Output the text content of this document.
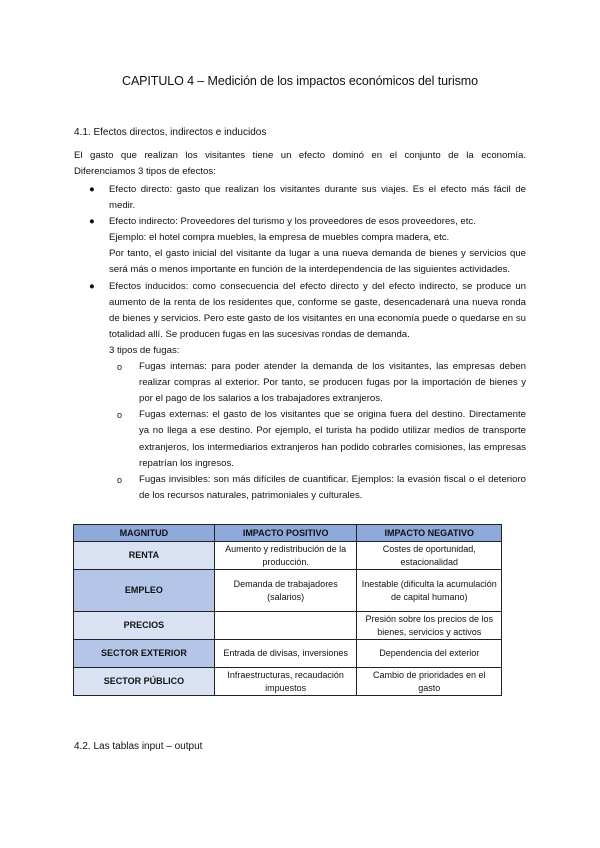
CAPITULO 4 – Medición de los impactos económicos del turismo
4.1. Efectos directos, indirectos e inducidos
El gasto que realizan los visitantes tiene un efecto dominó en el conjunto de la economía.
Diferenciamos 3 tipos de efectos:
● Efecto directo: gasto que realizan los visitantes durante sus viajes. Es el efecto más fácil de medir.
● Efecto indirecto: Proveedores del turismo y los proveedores de esos proveedores, etc.
Ejemplo: el hotel compra muebles, la empresa de muebles compra madera, etc.
Por tanto, el gasto inicial del visitante da lugar a una nueva demanda de bienes y servicios que será más o menos importante en función de la interdependencia de las siguientes actividades.
● Efectos inducidos: como consecuencia del efecto directo y del efecto indirecto, se produce un aumento de la renta de los residentes que, conforme se gaste, desencadenará una nueva ronda de bienes y servicios. Pero este gasto de los visitantes en una economía puede o quedarse en su totalidad allí. Se producen fugas en las sucesivas rondas de demanda.
3 tipos de fugas:
o Fugas internas: para poder atender la demanda de los visitantes, las empresas deben realizar compras al exterior. Por tanto, se producen fugas por la importación de bienes y por el pago de los salarios a los trabajadores extranjeros.
o Fugas externas: el gasto de los visitantes que se origina fuera del destino. Directamente ya no llega a ese destino. Por ejemplo, el turista ha podido utilizar medios de transporte extranjeros, los intermediarios extranjeros han podido cobrarles comisiones, las empresas repatrían los ingresos.
o Fugas invisibles: son más difíciles de cuantificar. Ejemplos: la evasión fiscal o el deterioro de los recursos naturales, patrimoniales y culturales.
MAGNITUD	IMPACTO POSITIVO	IMPACTO NEGATIVO
RENTA	Aumento y redistribución de la producción.	Costes de oportunidad, estacionalidad
EMPLEO	Demanda de trabajadores (salarios)	Inestable (dificulta la acumulación de capital humano)
PRECIOS		Presión sobre los precios de los bienes, servicios y activos
SECTOR EXTERIOR	Entrada de divisas, inversiones	Dependencia del exterior
SECTOR PÚBLICO	Infraestructuras, recaudación impuestos	Cambio de prioridades en el gasto
4.2. Las tablas input – output
